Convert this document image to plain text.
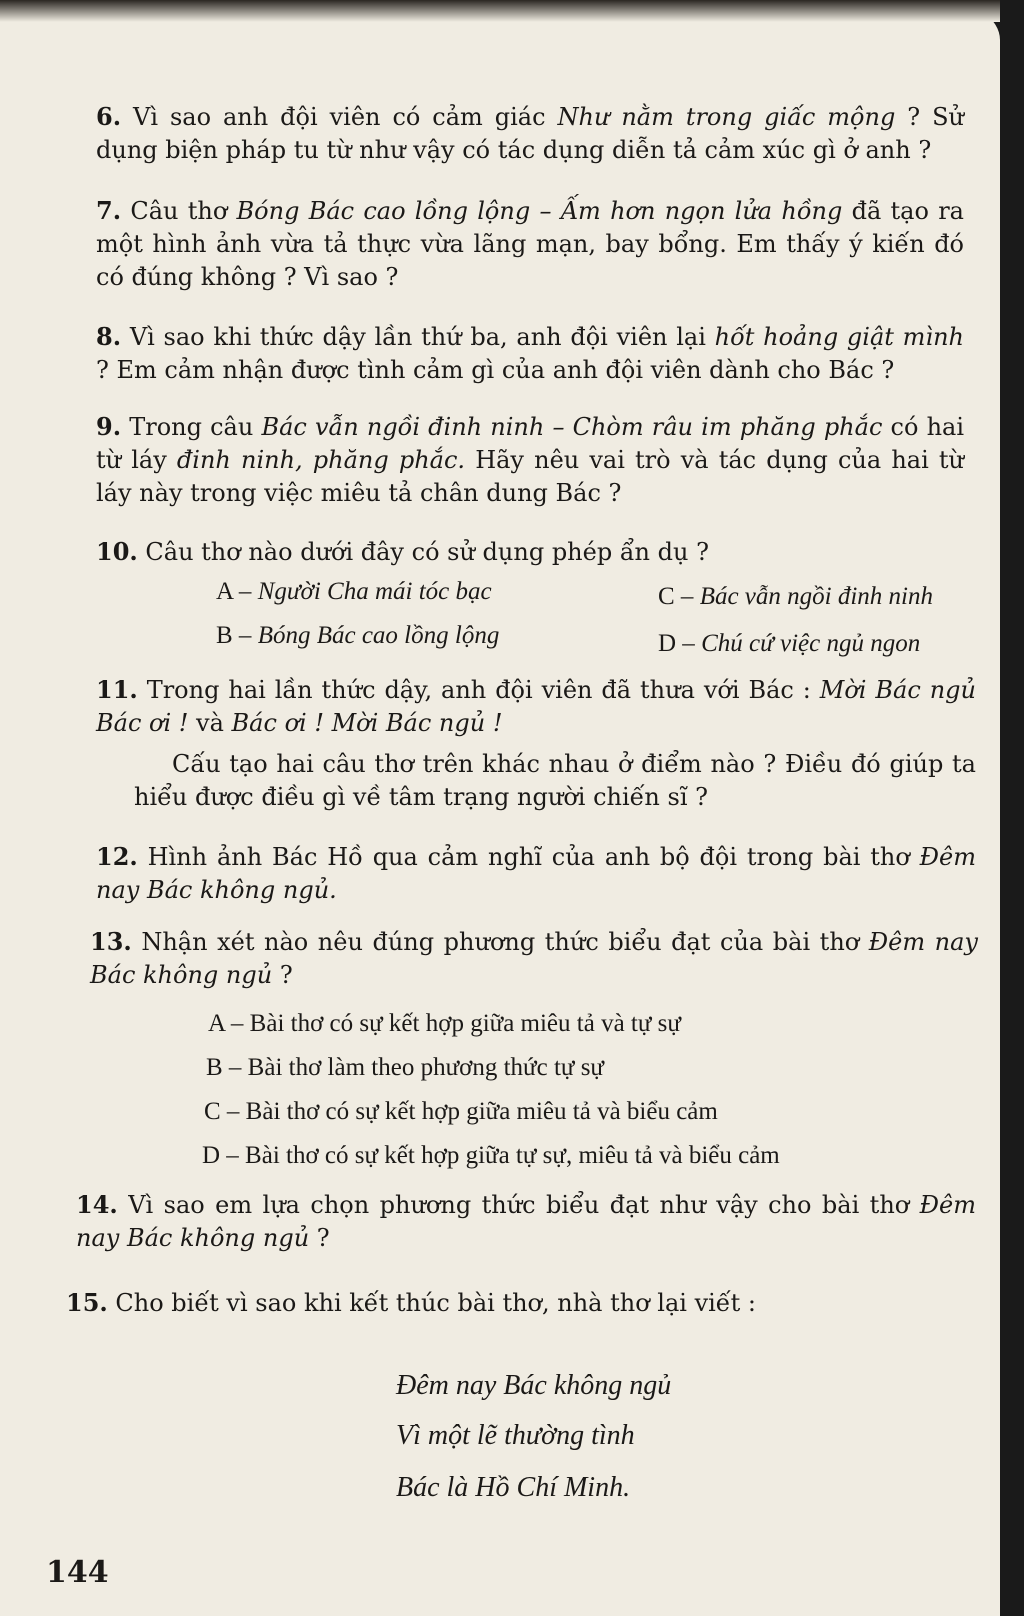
6. Vì sao anh đội viên có cảm giác Như nằm trong giấc mộng ? Sử dụng biện pháp tu từ như vậy có tác dụng diễn tả cảm xúc gì ở anh ?

7. Câu thơ Bóng Bác cao lồng lộng – Ấm hơn ngọn lửa hồng đã tạo ra một hình ảnh vừa tả thực vừa lãng mạn, bay bổng. Em thấy ý kiến đó có đúng không ? Vì sao ?

8. Vì sao khi thức dậy lần thứ ba, anh đội viên lại hốt hoảng giật mình ? Em cảm nhận được tình cảm gì của anh đội viên dành cho Bác ?

9. Trong câu Bác vẫn ngồi đinh ninh – Chòm râu im phăng phắc có hai từ láy đinh ninh, phăng phắc. Hãy nêu vai trò và tác dụng của hai từ láy này trong việc miêu tả chân dung Bác ?

10. Câu thơ nào dưới đây có sử dụng phép ẩn dụ ?

A – Người Cha mái tóc bạc
B – Bóng Bác cao lồng lộng
C – Bác vẫn ngồi đinh ninh
D – Chú cứ việc ngủ ngon

11. Trong hai lần thức dậy, anh đội viên đã thưa với Bác : Mời Bác ngủ Bác ơi ! và Bác ơi ! Mời Bác ngủ !

Cấu tạo hai câu thơ trên khác nhau ở điểm nào ? Điều đó giúp ta hiểu được điều gì về tâm trạng người chiến sĩ ?

12. Hình ảnh Bác Hồ qua cảm nghĩ của anh bộ đội trong bài thơ Đêm nay Bác không ngủ.

13. Nhận xét nào nêu đúng phương thức biểu đạt của bài thơ Đêm nay Bác không ngủ ?

A – Bài thơ có sự kết hợp giữa miêu tả và tự sự
B – Bài thơ làm theo phương thức tự sự
C – Bài thơ có sự kết hợp giữa miêu tả và biểu cảm
D – Bài thơ có sự kết hợp giữa tự sự, miêu tả và biểu cảm

14. Vì sao em lựa chọn phương thức biểu đạt như vậy cho bài thơ Đêm nay Bác không ngủ ?

15. Cho biết vì sao khi kết thúc bài thơ, nhà thơ lại viết :

Đêm nay Bác không ngủ
Vì một lẽ thường tình
Bác là Hồ Chí Minh.
144
